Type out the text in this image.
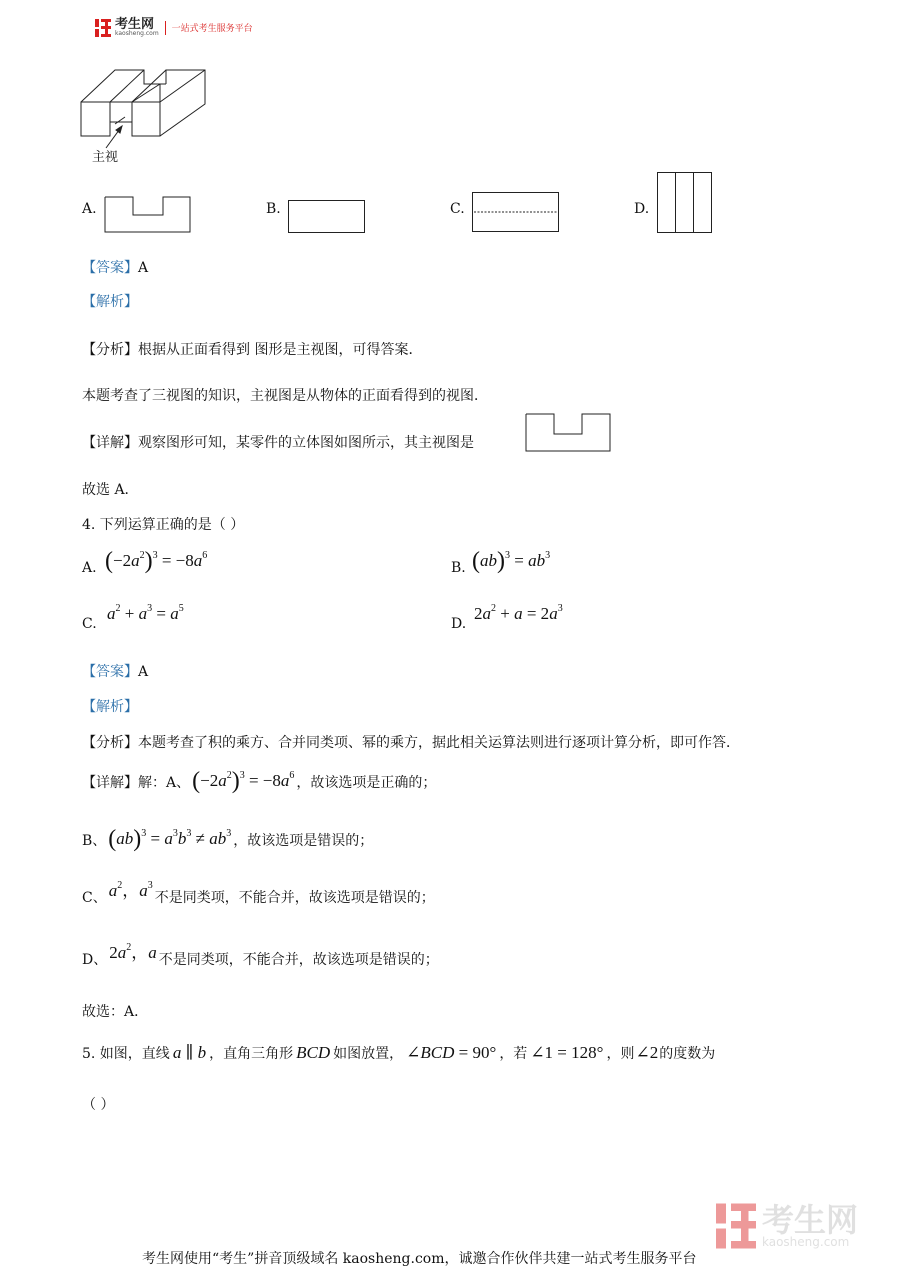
考生网
kaosheng.com 一站式考生服务平台
主视
A.	B.	C.	D.
【答案】A
【解析】
【分析】根据从正面看得到 图形是主视图，可得答案．
本题考查了三视图的知识，主视图是从物体的正面看得到的视图．
【详解】观察图形可知，某零件的立体图如图所示，其主视图是
故选 A．
4. 下列运算正确的是（ ）
A. $(-2a^2)^3 = -8a^6$
B. $(ab)^3 = ab^3$
C.
$a^2 + a^3 = a^5$
D.
$2a^2 + a = 2a^3$
【答案】A
【解析】
【分析】本题考查了积的乘方、合并同类项、幂的乘方，据此相关运算法则进行逐项计算分析，即可作答．
【详解】解：A、 $(-2a^2)^3 = -8a^6$ ，故该选项是正确的；
B、 $(ab)^3 = a^3b^3 \ne ab^3$ ，故该选项是错误的；
C、 $a^2$，$a^3$
不是同类项，不能合并，故该选项是错误的；
D、 $2a^2$，a 不是同类项，不能合并，故该选项是错误的；
故选：A．
5. 如图，直线 a ∥ b ，直角三角形 BCD 如图放置， ∠BCD = 90° ，若 ∠1 = 128° ，则 ∠2 的度数为
（ ）
考生网
kaosheng.com
考生网使用“考生”拼音顶级域名 kaosheng.com，诚邀合作伙伴共建一站式考生服务平台
